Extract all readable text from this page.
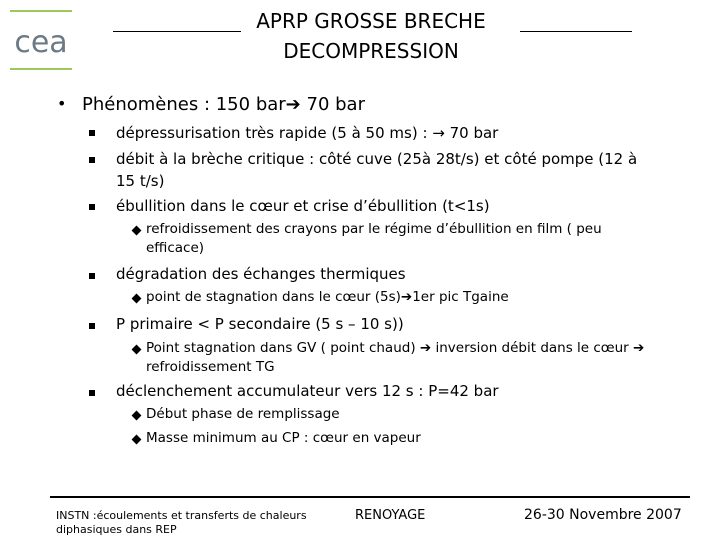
cea
APRP GROSSE BRECHE
DECOMPRESSION
• Phénomènes : 150 bar➔ 70 bar
dépressurisation très rapide (5 à 50 ms) : → 70 bar
débit à la brèche critique : côté cuve (25à 28t/s) et côté pompe (12 à 15 t/s)
ébullition dans le cœur et crise d’ébullition (t<1s)
refroidissement des crayons par le régime d’ébullition en film ( peu efficace)
dégradation des échanges thermiques
point de stagnation dans le cœur (5s)➔1er pic Tgaine
P primaire < P secondaire (5 s – 10 s))
Point stagnation dans GV ( point chaud) ➔ inversion débit dans le cœur ➔ refroidissement TG
déclenchement accumulateur vers 12 s : P=42 bar
Début phase de remplissage
Masse minimum au CP : cœur en vapeur
INSTN :écoulements et transferts de chaleurs diphasiques dans REP
RENOYAGE	26-30 Novembre 2007
